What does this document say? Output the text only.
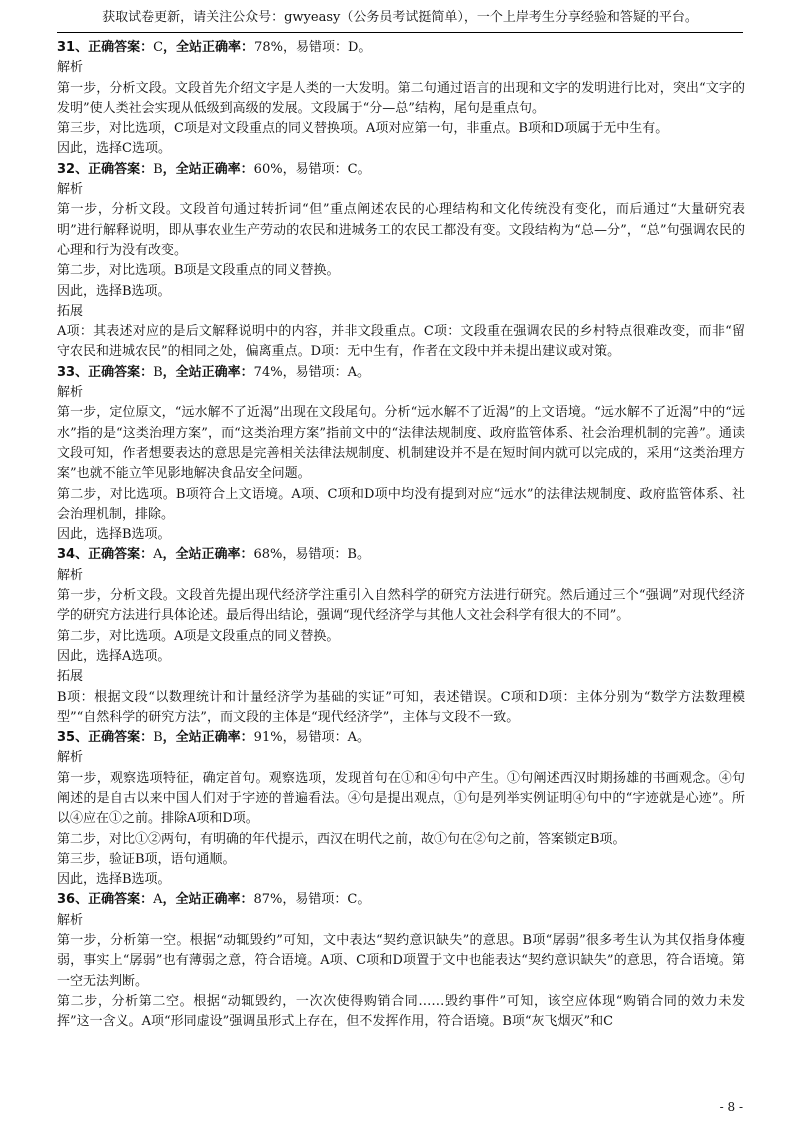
获取试卷更新，请关注公众号：gwyeasy（公务员考试挺简单），一个上岸考生分享经验和答疑的平台。

31、正确答案：C，全站正确率：78%，易错项：D。

解析

第一步，分析文段。文段首先介绍文字是人类的一大发明。第二句通过语言的出现和文字的发明进行比对，突出“文字的发明”使人类社会实现从低级到高级的发展。文段属于“分—总”结构，尾句是重点句。

第三步，对比选项，C项是对文段重点的同义替换项。A项对应第一句，非重点。B项和D项属于无中生有。

因此，选择C选项。

32、正确答案：B，全站正确率：60%，易错项：C。

解析

第一步，分析文段。文段首句通过转折词“但”重点阐述农民的心理结构和文化传统没有变化，而后通过“大量研究表明”进行解释说明，即从事农业生产劳动的农民和进城务工的农民工都没有变。文段结构为“总—分”，“总”句强调农民的心理和行为没有改变。

第二步，对比选项。B项是文段重点的同义替换。

因此，选择B选项。

拓展

A项：其表述对应的是后文解释说明中的内容，并非文段重点。C项：文段重在强调农民的乡村特点很难改变，而非“留守农民和进城农民”的相同之处，偏离重点。D项：无中生有，作者在文段中并未提出建议或对策。

33、正确答案：B，全站正确率：74%，易错项：A。

解析

第一步，定位原文，“远水解不了近渴”出现在文段尾句。分析“远水解不了近渴”的上文语境。“远水解不了近渴”中的“远水”指的是“这类治理方案”，而“这类治理方案”指前文中的“法律法规制度、政府监管体系、社会治理机制的完善”。通读文段可知，作者想要表达的意思是完善相关法律法规制度、机制建设并不是在短时间内就可以完成的，采用“这类治理方案”也就不能立竿见影地解决食品安全问题。

第二步，对比选项。B项符合上文语境。A项、C项和D项中均没有提到对应“远水”的法律法规制度、政府监管体系、社会治理机制，排除。

因此，选择B选项。

34、正确答案：A，全站正确率：68%，易错项：B。

解析

第一步，分析文段。文段首先提出现代经济学注重引入自然科学的研究方法进行研究。然后通过三个“强调”对现代经济学的研究方法进行具体论述。最后得出结论，强调“现代经济学与其他人文社会科学有很大的不同”。

第二步，对比选项。A项是文段重点的同义替换。

因此，选择A选项。

拓展

B项：根据文段“以数理统计和计量经济学为基础的实证”可知，表述错误。C项和D项：主体分别为“数学方法数理模型”“自然科学的研究方法”，而文段的主体是“现代经济学”，主体与文段不一致。

35、正确答案：B，全站正确率：91%，易错项：A。

解析

第一步，观察选项特征，确定首句。观察选项，发现首句在①和④句中产生。①句阐述西汉时期扬雄的书画观念。④句阐述的是自古以来中国人们对于字迹的普遍看法。④句是提出观点，①句是列举实例证明④句中的“字迹就是心迹”。所以④应在①之前。排除A项和D项。

第二步，对比①②两句，有明确的年代提示，西汉在明代之前，故①句在②句之前，答案锁定B项。

第三步，验证B项，语句通顺。

因此，选择B选项。

36、正确答案：A，全站正确率：87%，易错项：C。

解析

第一步，分析第一空。根据“动辄毁约”可知，文中表达“契约意识缺失”的意思。B项“孱弱”很多考生认为其仅指身体瘦弱，事实上“孱弱”也有薄弱之意，符合语境。A项、C项和D项置于文中也能表达“契约意识缺失”的意思，符合语境。第一空无法判断。

第二步，分析第二空。根据“动辄毁约，一次次使得购销合同……毁约事件”可知，该空应体现“购销合同的效力未发挥”这一含义。A项“形同虚设”强调虽形式上存在，但不发挥作用，符合语境。B项“灰飞烟灭”和C

- 8 -
